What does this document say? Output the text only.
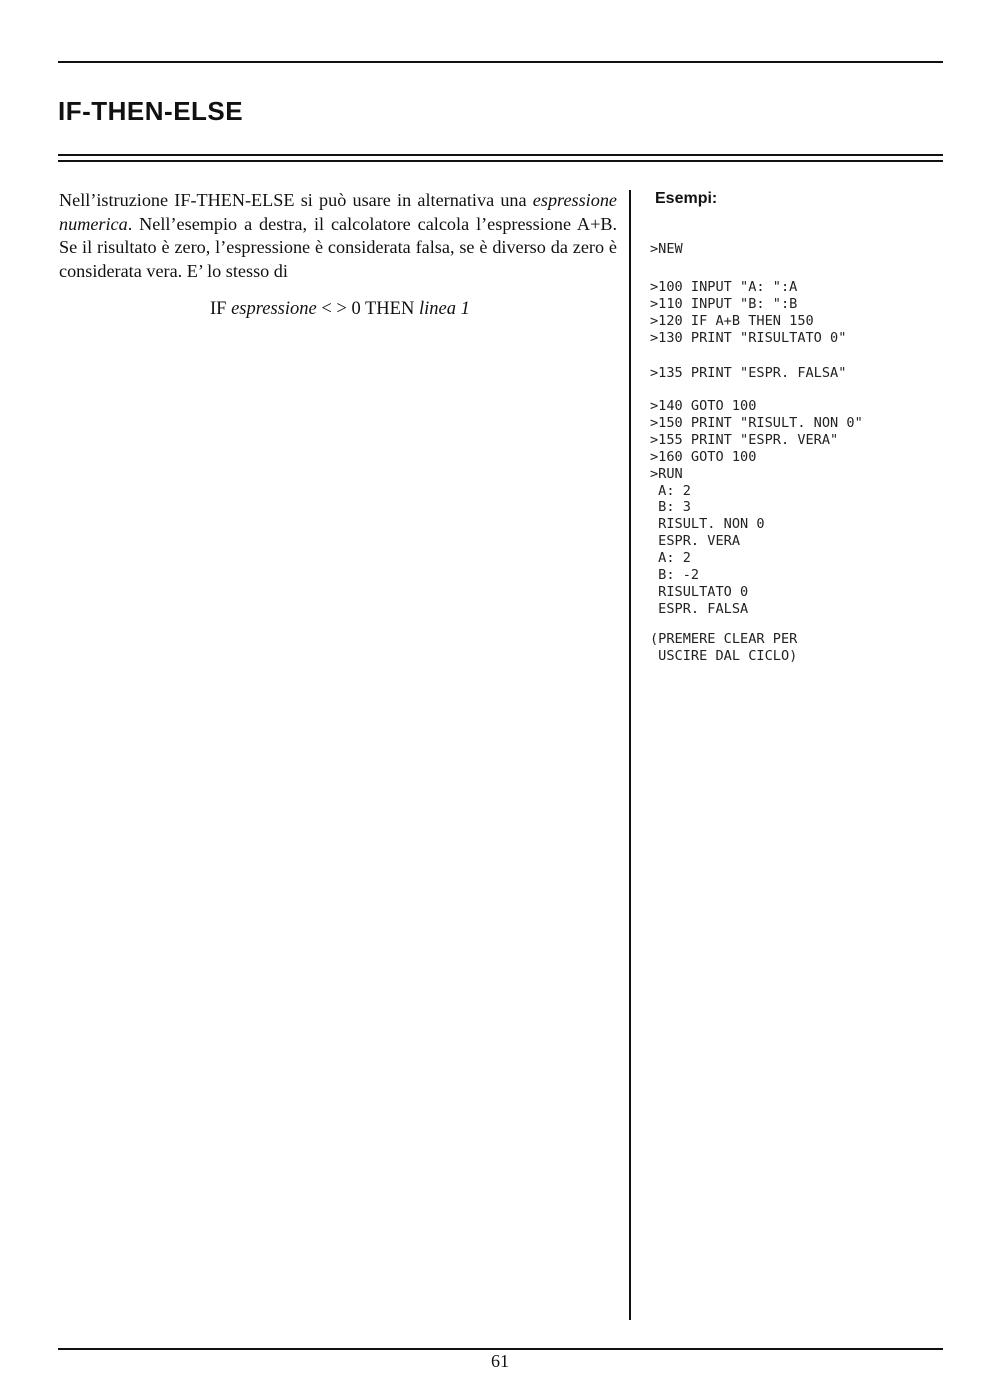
IF-THEN-ELSE

Nell’istruzione IF-THEN-ELSE si può usare in alternativa una espressione numerica. Nell’esempio a destra, il calcolatore calcola l’espressione A+B. Se il risultato è zero, l’espressione è considerata falsa, se è diverso da zero è considerata vera. E’ lo stesso di

IF espressione < > 0 THEN linea 1

Esempi:
>NEW
>100 INPUT "A: ":A
>110 INPUT "B: ":B
>120 IF A+B THEN 150
>130 PRINT "RISULTATO 0"
>135 PRINT "ESPR. FALSA"
>140 GOTO 100
>150 PRINT "RISULT. NON 0"
>155 PRINT "ESPR. VERA"
>160 GOTO 100
>RUN
A: 2
B: 3
RISULT. NON 0
ESPR. VERA
A: 2
B: -2
RISULTATO 0
ESPR. FALSA
(PREMERE CLEAR PER
USCIRE DAL CICLO)

61
